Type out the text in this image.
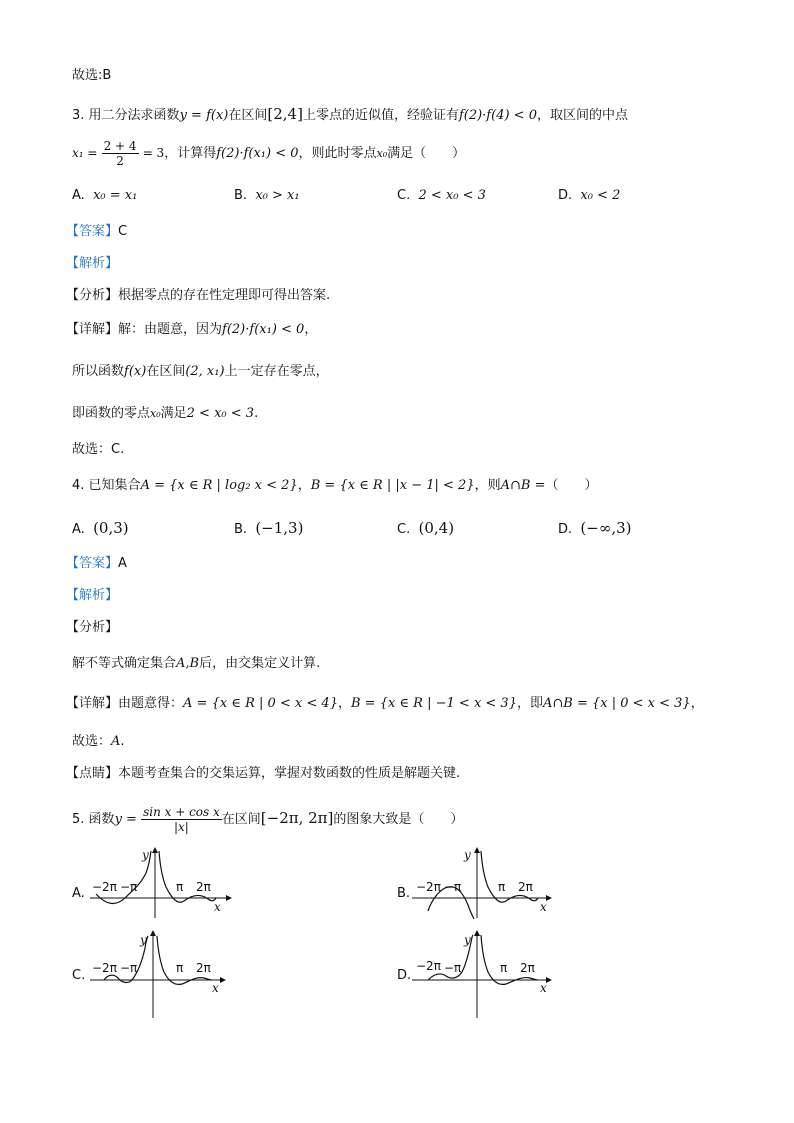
故选:B
3. 用二分法求函数y = f(x)在区间[2,4]上零点的近似值，经验证有f(2)·f(4) < 0，取区间的中点
$x_1 = \frac{2 + 4}{2} = 3$，计算得f(2)·f(x₁) < 0，则此时零点x₀满足（　　）
A. x₀ = x₁	B. x₀ > x₁	C. 2 < x₀ < 3	D. x₀ < 2
【答案】C
【解析】
【分析】根据零点的存在性定理即可得出答案.
【详解】解：由题意，因为f(2)·f(x₁) < 0，
所以函数f(x)在区间(2, x₁)上一定存在零点，
即函数的零点x₀满足2 < x₀ < 3.
故选：C.
4. 已知集合A = {x ∈ R | log₂ x < 2}，B = {x ∈ R | |x − 1| < 2}，则A∩B =（　　）
A. (0,3)	B. (−1,3)	C. (0,4)	D. (−∞,3)
【答案】A
【解析】
【分析】
解不等式确定集合A,B后，由交集定义计算.
【详解】由题意得：A = {x ∈ R | 0 < x < 4}，B = {x ∈ R | −1 < x < 3}，即A∩B = {x | 0 < x < 3}，
故选：A.
【点睛】本题考查集合的交集运算，掌握对数函数的性质是解题关键.
5. 函数$y = \frac{\text{sin x + cos x}}{|x|}$ 在区间[−2π, 2π]的图象大致是（　　）
A. −2π −π	π 2π
x
y
B. −2π −π	π 2π
x
y
C. −2π −π	π 2π
x
y
D.
−2π −π	π 2π
x
y
